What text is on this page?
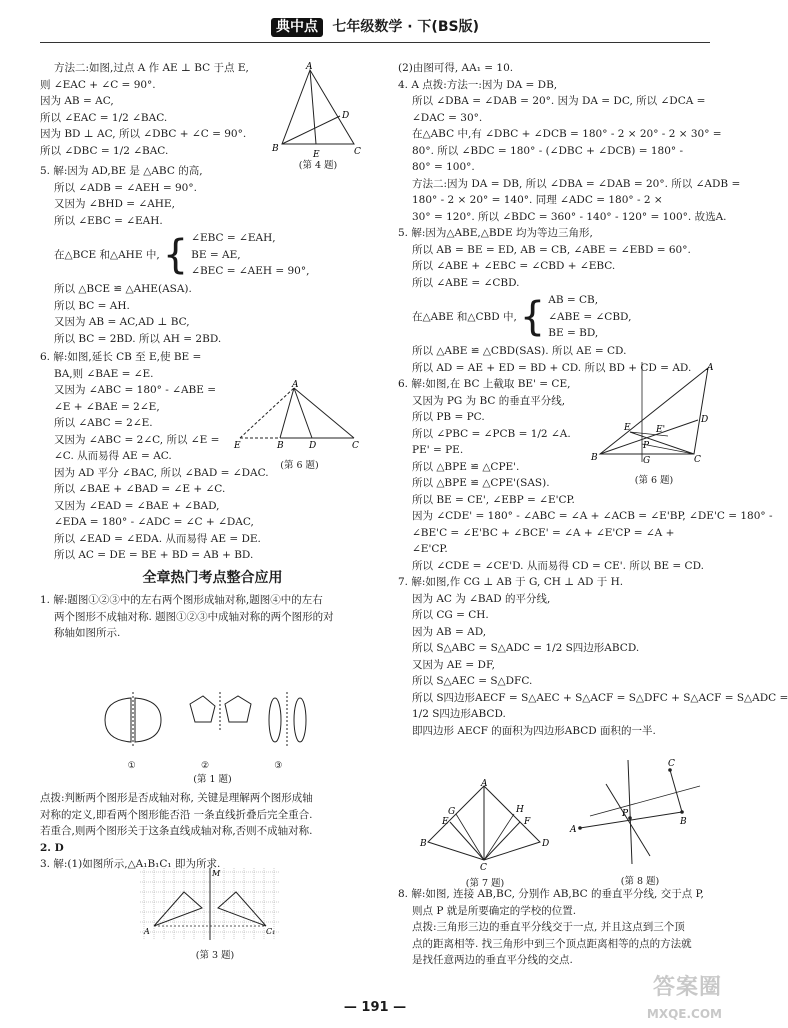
典中点 七年级数学 · 下(BS版)
方法二:如图,过点 A 作 AE ⊥ BC 于点 E,
则 ∠EAC + ∠C = 90°.
因为 AB = AC,
所以 ∠EAC = 1/2 ∠BAC.
因为 BD ⊥ AC, 所以 ∠DBC + ∠C = 90°.
所以 ∠DBC = 1/2 ∠BAC.
5. 解:因为 AD,BE 是 △ABC 的高,
所以 ∠ADB = ∠AEH = 90°.
又因为 ∠BHD = ∠AHE,
所以 ∠EBC = ∠EAH.
在△BCE 和△AHE 中, { ∠EBC = ∠EAH,
BE = AE,
∠BEC = ∠AEH = 90°,
所以 △BCE ≌ △AHE(ASA).
所以 BC = AH.
又因为 AB = AC,AD ⊥ BC,
所以 BC = 2BD. 所以 AH = 2BD.
6. 解:如图,延长 CB 至 E,使 BE =
BA,则 ∠BAE = ∠E.
又因为 ∠ABC = 180° - ∠ABE =
∠E + ∠BAE = 2∠E,
所以 ∠ABC = 2∠E.
又因为 ∠ABC = 2∠C, 所以 ∠E =
∠C. 从而易得 AE = AC.
因为 AD 平分 ∠BAC, 所以 ∠BAD = ∠DAC.
所以 ∠BAE + ∠BAD = ∠E + ∠C.
又因为 ∠EAD = ∠BAE + ∠BAD,
∠EDA = 180° - ∠ADC = ∠C + ∠DAC,
所以 ∠EAD = ∠EDA. 从而易得 AE = DE.
所以 AC = DE = BE + BD = AB + BD.
全章热门考点整合应用
1. 解:题图①②③中的左右两个图形成轴对称,题图④中的左右
两个图形不成轴对称. 题图①②③中成轴对称的两个图形的对
称轴如图所示.
A
B	C
D
E
(第 4 题)
A
E	B	D	C
(第 6 题)
①	②	③
(第 1 题)
点拨:判断两个图形是否成轴对称, 关键是理解两个图形成轴
对称的定义,即看两个图形能否沿 一条直线折叠后完全重合.
若重合,则两个图形关于这条直线成轴对称,否则不成轴对称.
2. D
3. 解:(1)如图所示,△A₁B₁C₁ 即为所求.
M
A	C₁
(第 3 题)
(2)由图可得, AA₁ = 10.
4. A 点拨:方法一:因为 DA = DB,
所以 ∠DBA = ∠DAB = 20°. 因为 DA = DC, 所以 ∠DCA =
∠DAC = 30°.
在△ABC 中,有 ∠DBC + ∠DCB = 180° - 2 × 20° - 2 × 30° =
80°. 所以 ∠BDC = 180° - (∠DBC + ∠DCB) = 180° -
80° = 100°.
方法二:因为 DA = DB, 所以 ∠DBA = ∠DAB = 20°. 所以 ∠ADB =
180° - 2 × 20° = 140°. 同理 ∠ADC = 180° - 2 ×
30° = 120°. 所以 ∠BDC = 360° - 140° - 120° = 100°. 故选A.
5. 解:因为△ABE,△BDE 均为等边三角形,
所以 AB = BE = ED, AB = CB, ∠ABE = ∠EBD = 60°.
所以 ∠ABE + ∠EBC = ∠CBD + ∠EBC.
所以 ∠ABE = ∠CBD.
在△ABE 和△CBD 中, { AB = CB,
∠ABE = ∠CBD,
BE = BD,
所以 △ABE ≌ △CBD(SAS). 所以 AE = CD.
所以 AD = AE + ED = BD + CD. 所以 BD + CD = AD.
6. 解:如图,在 BC 上截取 BE' = CE,
又因为 PG 为 BC 的垂直平分线,
所以 PB = PC.
所以 ∠PBC = ∠PCB = 1/2 ∠A.
PE' = PE.
所以 △BPE ≌ △CPE'.
所以 △BPE ≌ △CPE'(SAS).
所以 BE = CE', ∠EBP = ∠E'CP.
因为 ∠CDE' = 180° - ∠ABC = ∠A + ∠ACB = ∠E'BP, ∠DE'C = 180° -
∠BE'C = ∠E'BC + ∠BCE' = ∠A + ∠E'CP = ∠A +
∠E'CP.
所以 ∠CDE = ∠CE'D. 从而易得 CD = CE'. 所以 BE = CD.
7. 解:如图,作 CG ⊥ AB 于 G, CH ⊥ AD 于 H.
因为 AC 为 ∠BAD 的平分线,
所以 CG = CH.
因为 AB = AD,
所以 S△ABC = S△ADC = 1/2 S四边形ABCD.
又因为 AE = DF,
所以 S△AEC = S△DFC.
所以 S四边形AECF = S△AEC + S△ACF = S△DFC + S△ACF = S△ADC =
1/2 S四边形ABCD.
即四边形 AECF 的面积为四边形ABCD 面积的一半.
A
B	C
D
E	E'
P
G
(第 6 题)
A
B
C
D
E	F
G	H
(第 7 题)
A
B
C
P
(第 8 题)
8. 解:如图, 连接 AB,BC, 分别作 AB,BC 的垂直平分线, 交于点 P,
则点 P 就是所要确定的学校的位置.
点拨:三角形三边的垂直平分线交于一点, 并且这点到三个顶
点的距离相等. 找三角形中到三个顶点距离相等的点的方法就
是找任意两边的垂直平分线的交点.
— 191 —
答案圈
MXQE.COM
